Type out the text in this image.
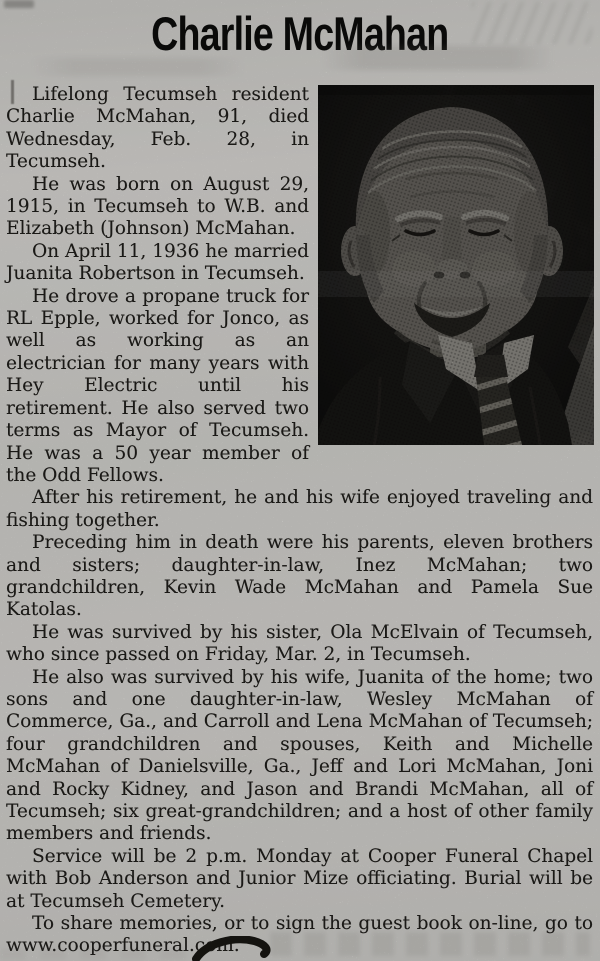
Charlie McMahan

Lifelong Tecumseh resident Charlie McMahan, 91, died Wednesday, Feb. 28, in Tecumseh.

He was born on August 29, 1915, in Tecumseh to W.B. and Elizabeth (Johnson) McMahan.

On April 11, 1936 he married Juanita Robertson in Tecumseh.

He drove a propane truck for RL Epple, worked for Jonco, as well as working as an electrician for many years with Hey Electric until his retirement. He also served two terms as Mayor of Tecumseh. He was a 50 year member of the Odd Fellows.

After his retirement, he and his wife enjoyed traveling and fishing together.

Preceding him in death were his parents, eleven brothers and sisters; daughter-in-law, Inez McMahan; two grandchildren, Kevin Wade McMahan and Pamela Sue Katolas.

He was survived by his sister, Ola McElvain of Tecumseh, who since passed on Friday, Mar. 2, in Tecumseh.

He also was survived by his wife, Juanita of the home; two sons and one daughter-in-law, Wesley McMahan of Commerce, Ga., and Carroll and Lena McMahan of Tecumseh; four grandchildren and spouses, Keith and Michelle McMahan of Danielsville, Ga., Jeff and Lori McMahan, Joni and Rocky Kidney, and Jason and Brandi McMahan, all of Tecumseh; six great-grandchildren; and a host of other family members and friends.

Service will be 2 p.m. Monday at Cooper Funeral Chapel with Bob Anderson and Junior Mize officiating. Burial will be at Tecumseh Cemetery.

To share memories, or to sign the guest book on-line, go to www.cooperfuneral.com.
